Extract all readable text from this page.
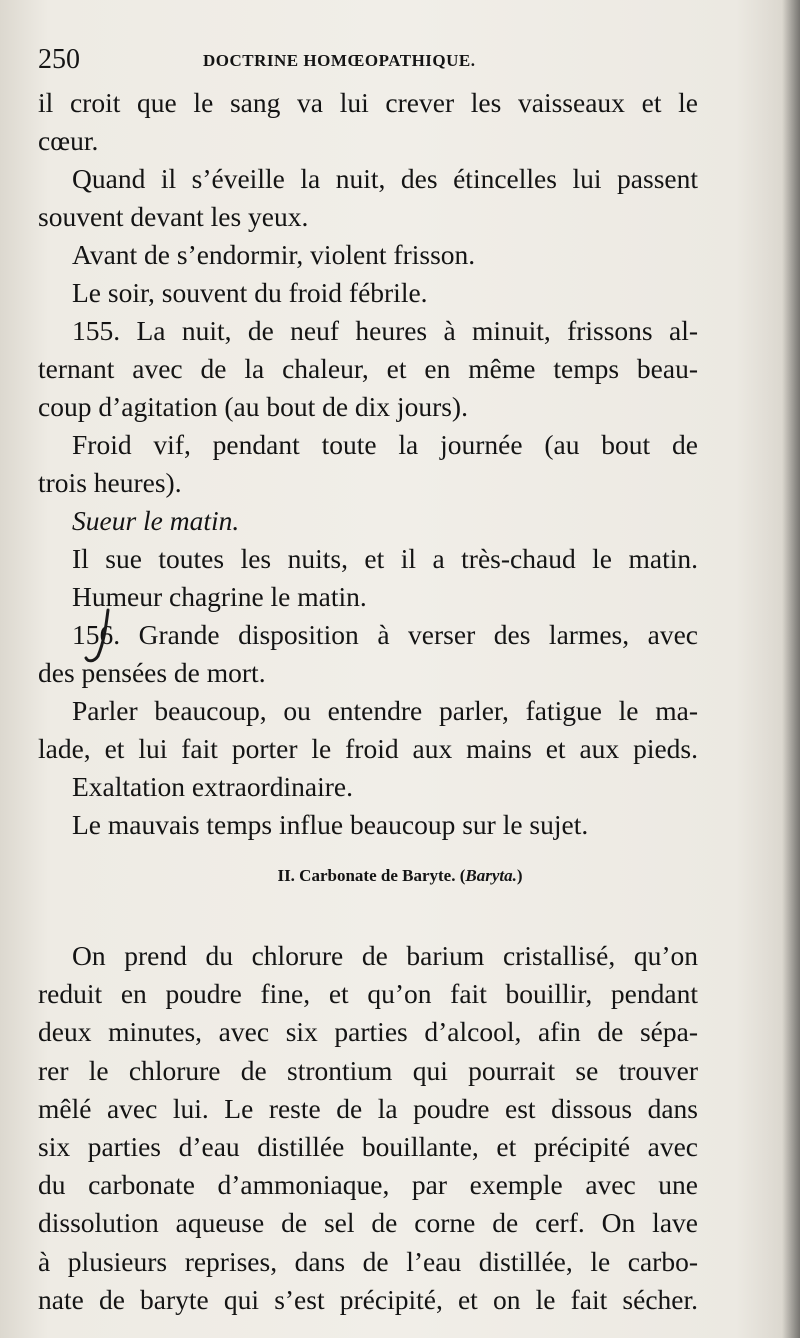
250	DOCTRINE HOMŒOPATHIQUE.
il croit que le sang va lui crever les vaisseaux et le
cœur.
Quand il s’éveille la nuit, des étincelles lui passent
souvent devant les yeux.
Avant de s’endormir, violent frisson.
Le soir, souvent du froid fébrile.
155. La nuit, de neuf heures à minuit, frissons al-
ternant avec de la chaleur, et en même temps beau-
coup d’agitation (au bout de dix jours).
Froid vif, pendant toute la journée (au bout de
trois heures).
Sueur le matin.
Il sue toutes les nuits, et il a très-chaud le matin.
Humeur chagrine le matin.
156. Grande disposition à verser des larmes, avec
des pensées de mort.
Parler beaucoup, ou entendre parler, fatigue le ma-
lade, et lui fait porter le froid aux mains et aux pieds.
Exaltation extraordinaire.
Le mauvais temps influe beaucoup sur le sujet.
II. Carbonate de Baryte. (Baryta.)
On prend du chlorure de barium cristallisé, qu’on
reduit en poudre fine, et qu’on fait bouillir, pendant
deux minutes, avec six parties d’alcool, afin de sépa-
rer le chlorure de strontium qui pourrait se trouver
mêlé avec lui. Le reste de la poudre est dissous dans
six parties d’eau distillée bouillante, et précipité avec
du carbonate d’ammoniaque, par exemple avec une
dissolution aqueuse de sel de corne de cerf. On lave
à plusieurs reprises, dans de l’eau distillée, le carbo-
nate de baryte qui s’est précipité, et on le fait sécher.
